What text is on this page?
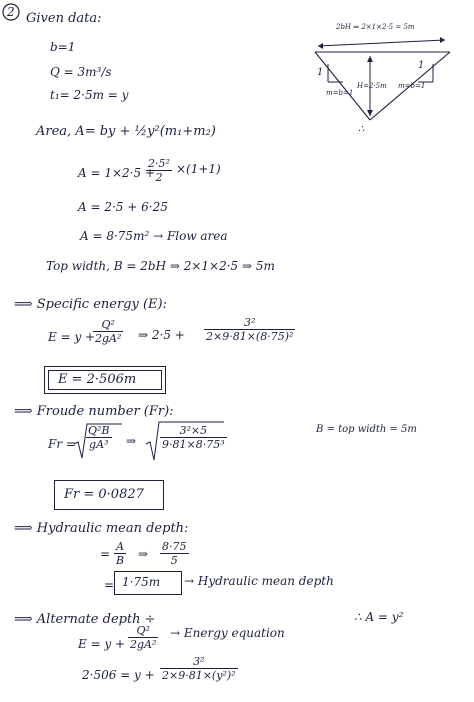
2 Given data:
b=1
Q = 3m³/s
t₁= 2·5m = y
2bH ⇒ 2×1×2·5 = 5m
1
1
m=b=1
m=b=1
H=2·5m
∴
Area, A= by + ½y²(m₁+m₂)
A = 1×2·5 +
2·5²
2
×(1+1)
A = 2·5 + 6·25
A = 8·75m² → Flow area
Top width, B = 2bH ⇒ 2×1×2·5 ⇒ 5m
⟹ Specific energy (E):
E = y +
Q²
2gA² ⇒ 2·5 +
3²
2×9·81×(8·75)²
E = 2·506m
⟹ Froude number (Fr):
Fr =
Q²B
gA³ ⇒
3²×5
9·81×8·75³
B = top width = 5m
Fr = 0·0827
⟹ Hydraulic mean depth:
=
A
B ⇒
8·75
5
= 1·75m → Hydraulic mean depth
⟹ Alternate depth ÷
E = y +
Q²
2gA²
→ Energy equation
∴ A = y²
2·506 = y +
3²
2×9·81×(y²)²
